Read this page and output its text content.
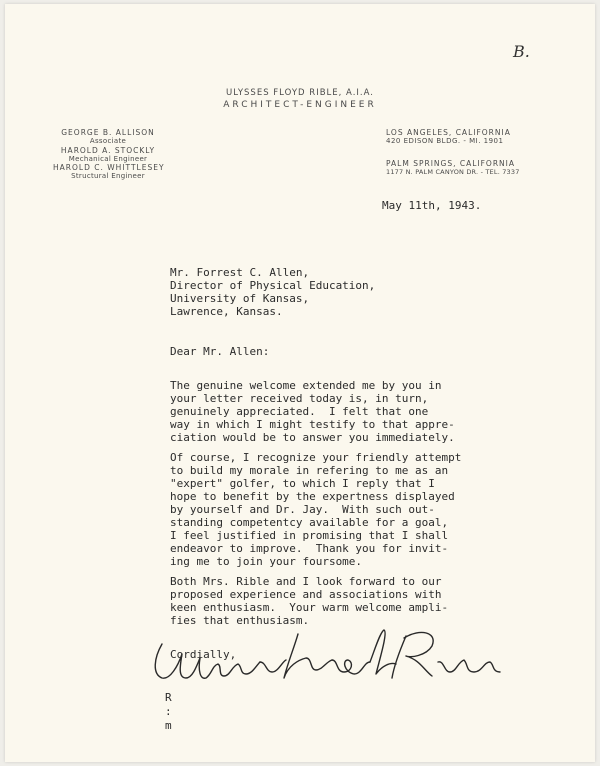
B.
ULYSSES FLOYD RIBLE, A.I.A.
ARCHITECT-ENGINEER
GEORGE B. ALLISON
Associate
HAROLD A. STOCKLY
Mechanical Engineer
HAROLD C. WHITTLESEY
Structural Engineer
LOS ANGELES, CALIFORNIA
420 EDISON BLDG. - MI. 1901
PALM SPRINGS, CALIFORNIA
1177 N. PALM CANYON DR. - TEL. 7337
May 11th, 1943.
Mr. Forrest C. Allen,
Director of Physical Education,
University of Kansas,
Lawrence, Kansas.
Dear Mr. Allen:
The genuine welcome extended me by you in
your letter received today is, in turn,
genuinely appreciated.  I felt that one
way in which I might testify to that appre-
ciation would be to answer you immediately.
Of course, I recognize your friendly attempt
to build my morale in refering to me as an
"expert" golfer, to which I reply that I
hope to benefit by the expertness displayed
by yourself and Dr. Jay.  With such out-
standing competentcy available for a goal,
I feel justified in promising that I shall
endeavor to improve.  Thank you for invit-
ing me to join your foursome.
Both Mrs. Rible and I look forward to our
proposed experience and associations with
keen enthusiasm.  Your warm welcome ampli-
fies that enthusiasm.
Cordially,
R
:
m
